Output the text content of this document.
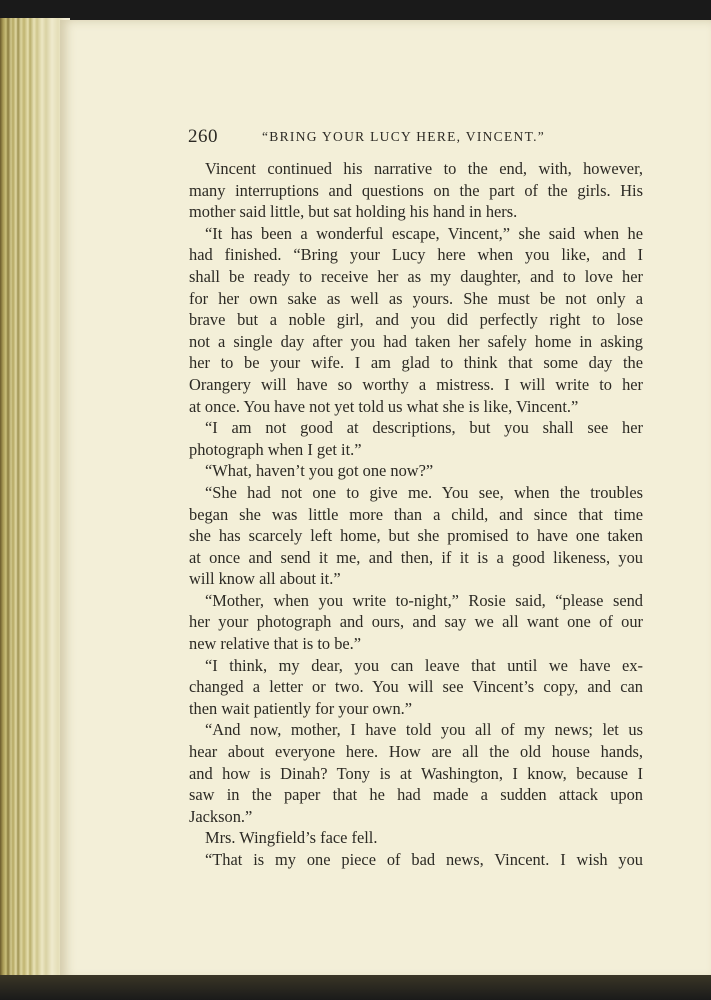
260	“BRING YOUR LUCY HERE, VINCENT.”
Vincent continued his narrative to the end, with, however,
many interruptions and questions on the part of the girls. His
mother said little, but sat holding his hand in hers.
“It has been a wonderful escape, Vincent,” she said when he
had finished. “Bring your Lucy here when you like, and I
shall be ready to receive her as my daughter, and to love her
for her own sake as well as yours. She must be not only a
brave but a noble girl, and you did perfectly right to lose
not a single day after you had taken her safely home in asking
her to be your wife. I am glad to think that some day the
Orangery will have so worthy a mistress. I will write to her
at once. You have not yet told us what she is like, Vincent.”
“I am not good at descriptions, but you shall see her
photograph when I get it.”
“What, haven’t you got one now?”
“She had not one to give me. You see, when the troubles
began she was little more than a child, and since that time
she has scarcely left home, but she promised to have one taken
at once and send it me, and then, if it is a good likeness, you
will know all about it.”
“Mother, when you write to-night,” Rosie said, “please send
her your photograph and ours, and say we all want one of our
new relative that is to be.”
“I think, my dear, you can leave that until we have ex-
changed a letter or two. You will see Vincent’s copy, and can
then wait patiently for your own.”
“And now, mother, I have told you all of my news; let us
hear about everyone here. How are all the old house hands,
and how is Dinah? Tony is at Washington, I know, because I
saw in the paper that he had made a sudden attack upon
Jackson.”
Mrs. Wingfield’s face fell.
“That is my one piece of bad news, Vincent. I wish you
